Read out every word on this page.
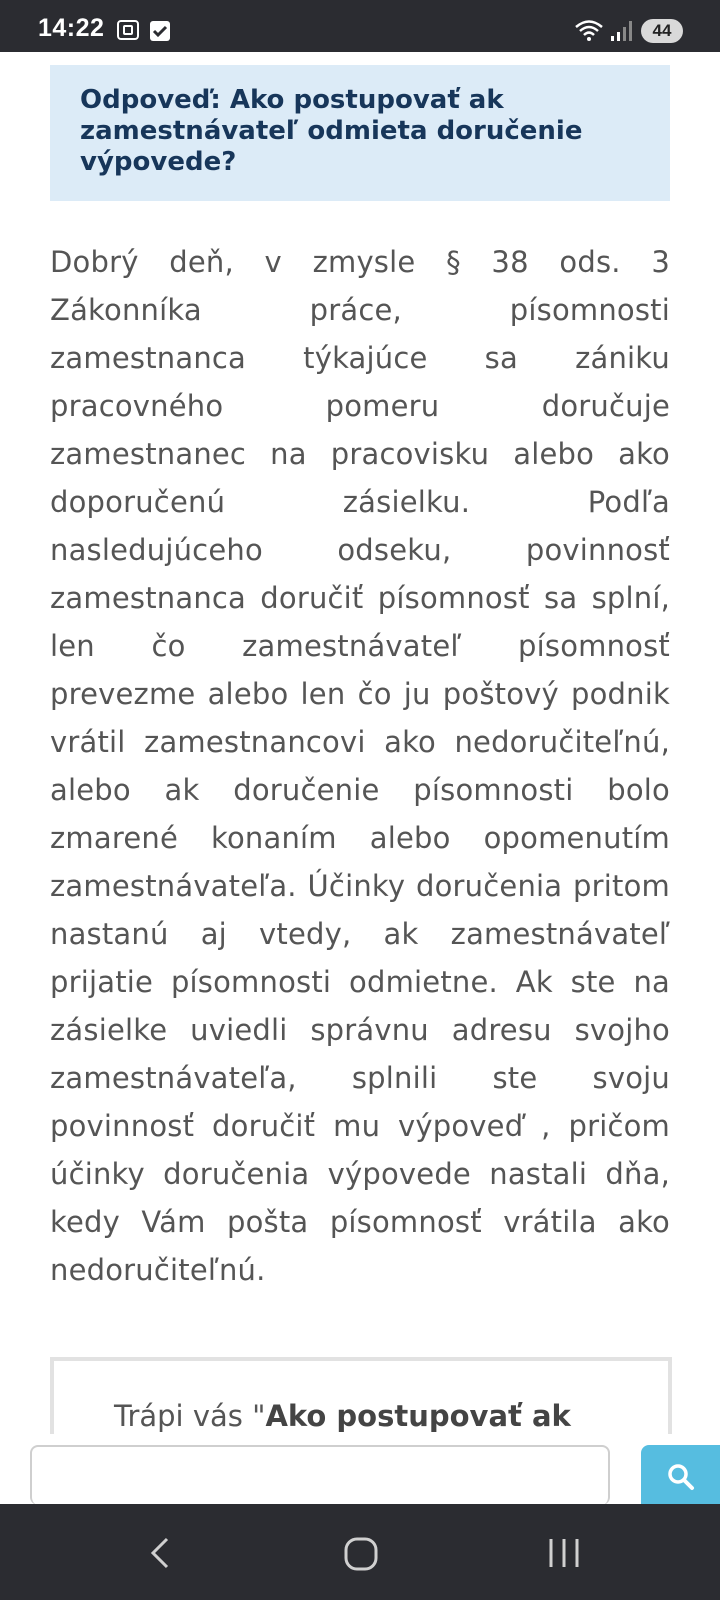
14:22	44
Odpoveď: Ako postupovať ak zamestnávateľ odmieta doručenie výpovede?

Dobrý deň, v zmysle § 38 ods. 3 Zákonníka práce, písomnosti zamestnanca týkajúce sa zániku pracovného pomeru doručuje zamestnanec na pracovisku alebo ako doporučenú zásielku. Podľa nasledujúceho odseku, povinnosť zamestnanca doručiť písomnosť sa splní, len čo zamestnávateľ písomnosť prevezme alebo len čo ju poštový podnik vrátil zamestnancovi ako nedoručiteľnú, alebo ak doručenie písomnosti bolo zmarené konaním alebo opomenutím zamestnávateľa. Účinky doručenia pritom nastanú aj vtedy, ak zamestnávateľ prijatie písomnosti odmietne. Ak ste na zásielke uviedli správnu adresu svojho zamestnávateľa, splnili ste svoju povinnosť doručiť mu výpoveď , pričom účinky doručenia výpovede nastali dňa, kedy Vám pošta písomnosť vrátila ako nedoručiteľnú.

Trápi vás "Ako postupovať ak
